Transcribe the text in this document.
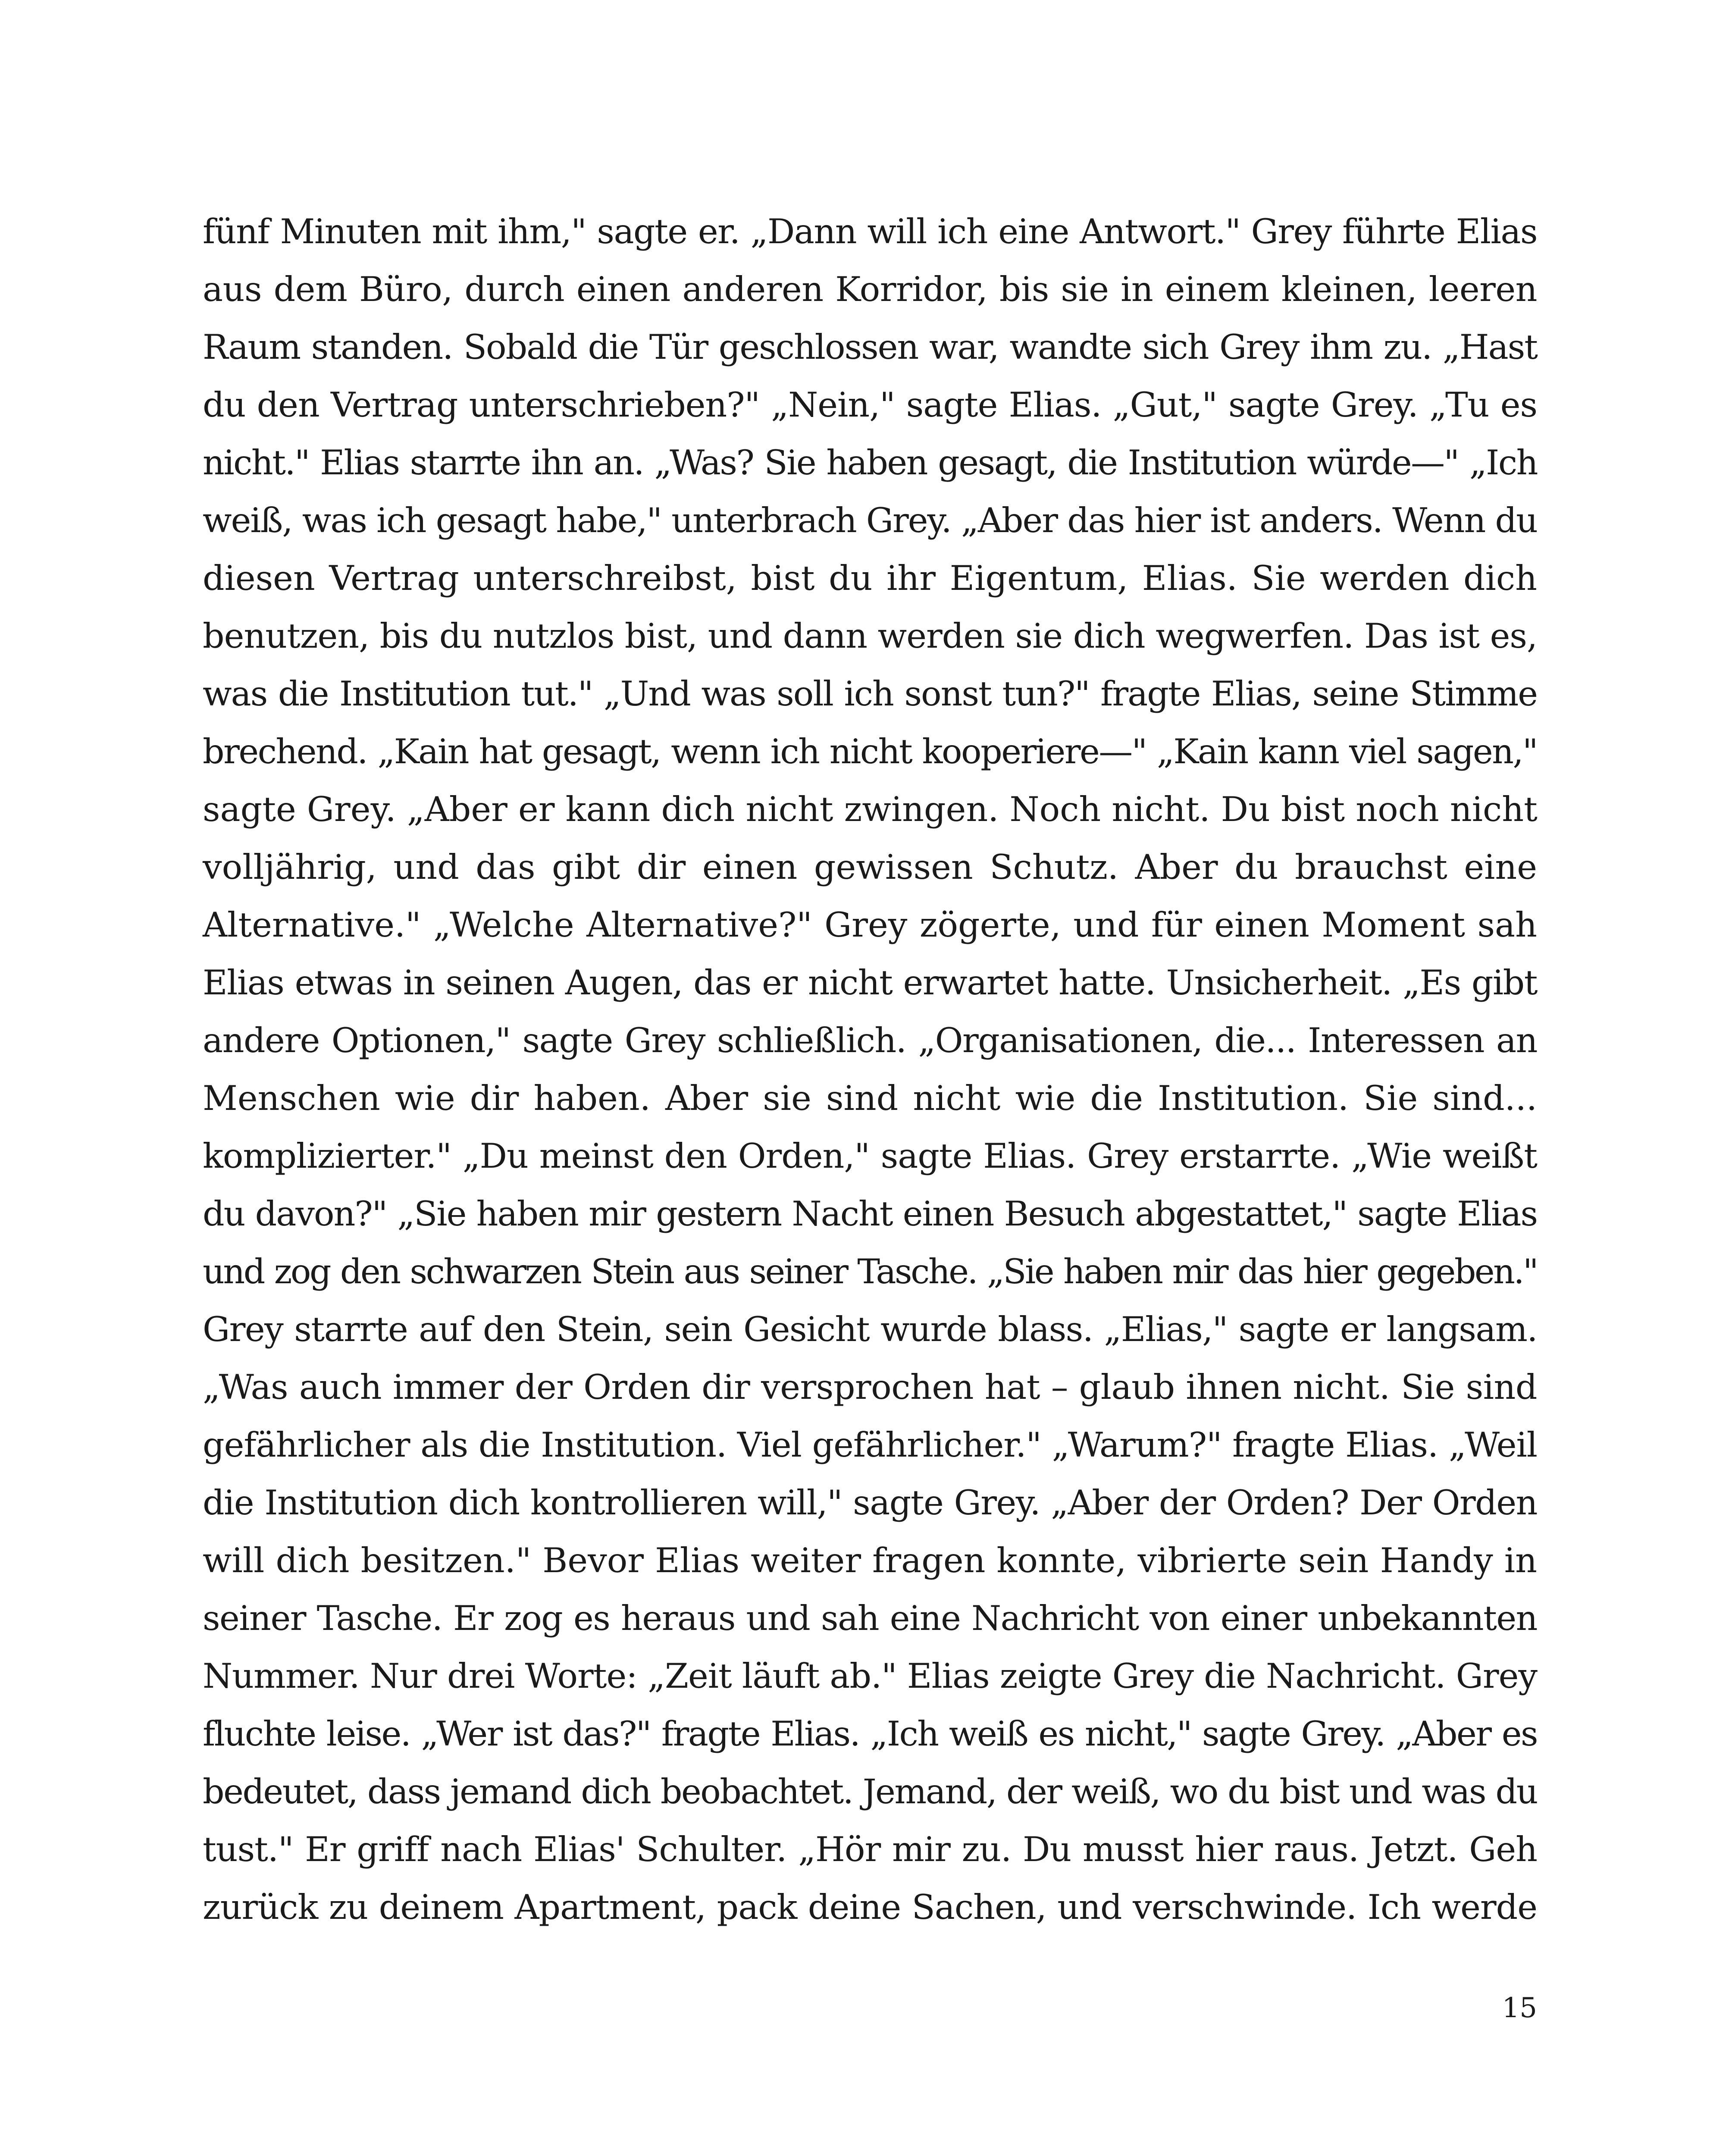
fünf Minuten mit ihm," sagte er. „Dann will ich eine Antwort." Grey führte Elias
aus dem Büro, durch einen anderen Korridor, bis sie in einem kleinen, leeren
Raum standen. Sobald die Tür geschlossen war, wandte sich Grey ihm zu. „Hast
du den Vertrag unterschrieben?" „Nein," sagte Elias. „Gut," sagte Grey. „Tu es
nicht." Elias starrte ihn an. „Was? Sie haben gesagt, die Institution würde—" „Ich
weiß, was ich gesagt habe," unterbrach Grey. „Aber das hier ist anders. Wenn du
diesen Vertrag unterschreibst, bist du ihr Eigentum, Elias. Sie werden dich
benutzen, bis du nutzlos bist, und dann werden sie dich wegwerfen. Das ist es,
was die Institution tut." „Und was soll ich sonst tun?" fragte Elias, seine Stimme
brechend. „Kain hat gesagt, wenn ich nicht kooperiere—" „Kain kann viel sagen,"
sagte Grey. „Aber er kann dich nicht zwingen. Noch nicht. Du bist noch nicht
volljährig, und das gibt dir einen gewissen Schutz. Aber du brauchst eine
Alternative." „Welche Alternative?" Grey zögerte, und für einen Moment sah
Elias etwas in seinen Augen, das er nicht erwartet hatte. Unsicherheit. „Es gibt
andere Optionen," sagte Grey schließlich. „Organisationen, die... Interessen an
Menschen wie dir haben. Aber sie sind nicht wie die Institution. Sie sind...
komplizierter." „Du meinst den Orden," sagte Elias. Grey erstarrte. „Wie weißt
du davon?" „Sie haben mir gestern Nacht einen Besuch abgestattet," sagte Elias
und zog den schwarzen Stein aus seiner Tasche. „Sie haben mir das hier gegeben."
Grey starrte auf den Stein, sein Gesicht wurde blass. „Elias," sagte er langsam.
„Was auch immer der Orden dir versprochen hat – glaub ihnen nicht. Sie sind
gefährlicher als die Institution. Viel gefährlicher." „Warum?" fragte Elias. „Weil
die Institution dich kontrollieren will," sagte Grey. „Aber der Orden? Der Orden
will dich besitzen." Bevor Elias weiter fragen konnte, vibrierte sein Handy in
seiner Tasche. Er zog es heraus und sah eine Nachricht von einer unbekannten
Nummer. Nur drei Worte: „Zeit läuft ab." Elias zeigte Grey die Nachricht. Grey
fluchte leise. „Wer ist das?" fragte Elias. „Ich weiß es nicht," sagte Grey. „Aber es
bedeutet, dass jemand dich beobachtet. Jemand, der weiß, wo du bist und was du
tust." Er griff nach Elias' Schulter. „Hör mir zu. Du musst hier raus. Jetzt. Geh
zurück zu deinem Apartment, pack deine Sachen, und verschwinde. Ich werde
15
